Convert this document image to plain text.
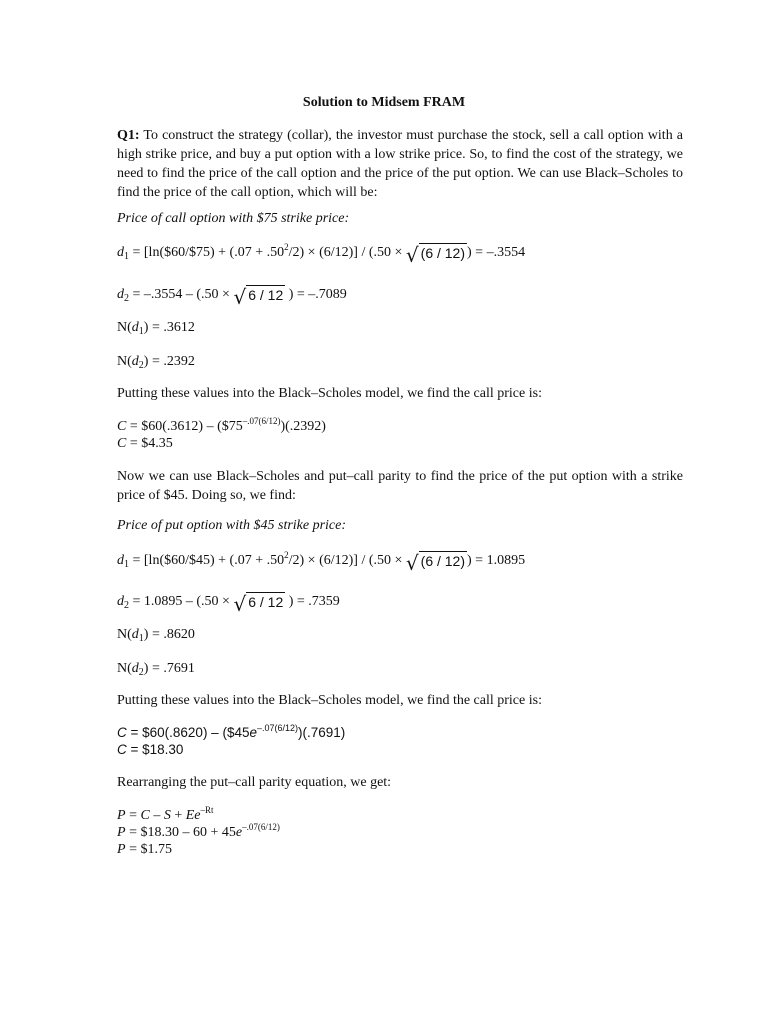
Solution to Midsem FRAM
Q1: To construct the strategy (collar), the investor must purchase the stock, sell a call option with a high strike price, and buy a put option with a low strike price. So, to find the cost of the strategy, we need to find the price of the call option and the price of the put option. We can use Black–Scholes to find the price of the call option, which will be:
Price of call option with $75 strike price:
$d_1$ = [ln($60/$75) + $(.07 + .50^2/2) \times (6/12)] / (.50$ × √ (6 / 12) ) = –.3554
$d_2 = -.3554 - (.50$ × √ 6 / 12 ) = –.7089
$N(d_1) = .3612$
$N(d_2) = .2392$
Putting these values into the Black–Scholes model, we find the call price is:
C = $60(.3612) – $(\$75^{-.07(6/12)})(.2392)$
C = $4.35
Now we can use Black–Scholes and put–call parity to find the price of the put option with a strike price of $45. Doing so, we find:
Price of put option with $45 strike price:
$d_1$ = [ln($60/$45) + $(.07 + .50^2/2) \times (6/12)] / (.50$ × √ (6 / 12) ) = 1.0895
$d_2 = 1.0895 - (.50$ × √ 6 / 12 ) = .7359
$N(d_1) = .8620$
$N(d_2) = .7691$
Putting these values into the Black–Scholes model, we find the call price is:
C = $60(.8620) – $(\$45e^{-.07(6/12)})(.7691)$
C = $18.30
Rearranging the put–call parity equation, we get:
$P = C - S + Ee^{-Rt}$
P = $18.30 – $60 + 45e^{-.07(6/12)}$
P = $1.75
